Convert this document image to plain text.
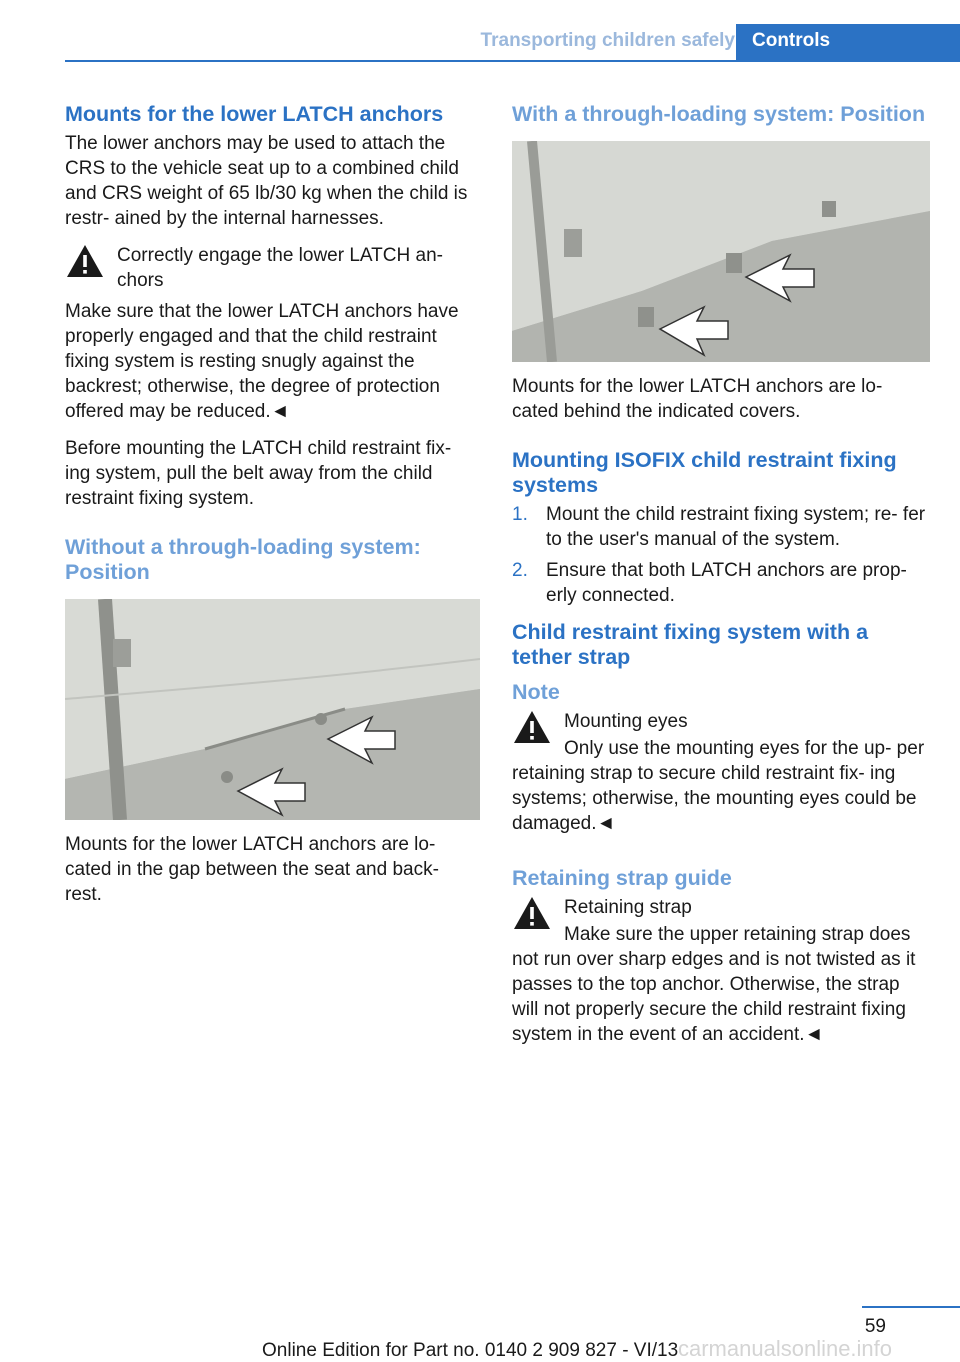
Transporting children safely Controls
Mounts for the lower LATCH anchors

The lower anchors may be used to attach the CRS to the vehicle seat up to a combined child and CRS weight of 65 lb/30 kg when the child is restr- ained by the internal harnesses.

Correctly engage the lower LATCH an- chors

Make sure that the lower LATCH anchors have properly engaged and that the child restraint fixing system is resting snugly against the backrest; otherwise, the degree of protection offered may be reduced.◄

Before mounting the LATCH child restraint fix- ing system, pull the belt away from the child restraint fixing system.

Without a through-loading system: Position

Mounts for the lower LATCH anchors are lo- cated in the gap between the seat and back- rest.

With a through-loading system: Position

Mounts for the lower LATCH anchors are lo- cated behind the indicated covers.

Mounting ISOFIX child restraint fixing systems
1. Mount the child restraint fixing system; re- fer to the user's manual of the system.
2. Ensure that both LATCH anchors are prop- erly connected.
Child restraint fixing system with a tether strap
Note

Mounting eyes

Only use the mounting eyes for the up- per retaining strap to secure child restraint fix- ing systems; otherwise, the mounting eyes could be damaged.◄
Retaining strap guide

Retaining strap

Make sure the upper retaining strap does not run over sharp edges and is not twisted as it passes to the top anchor. Otherwise, the strap will not properly secure the child restraint fixing system in the event of an accident.◄
59
Online Edition for Part no. 0140 2 909 827 - VI/13 carmanualsonline.info
